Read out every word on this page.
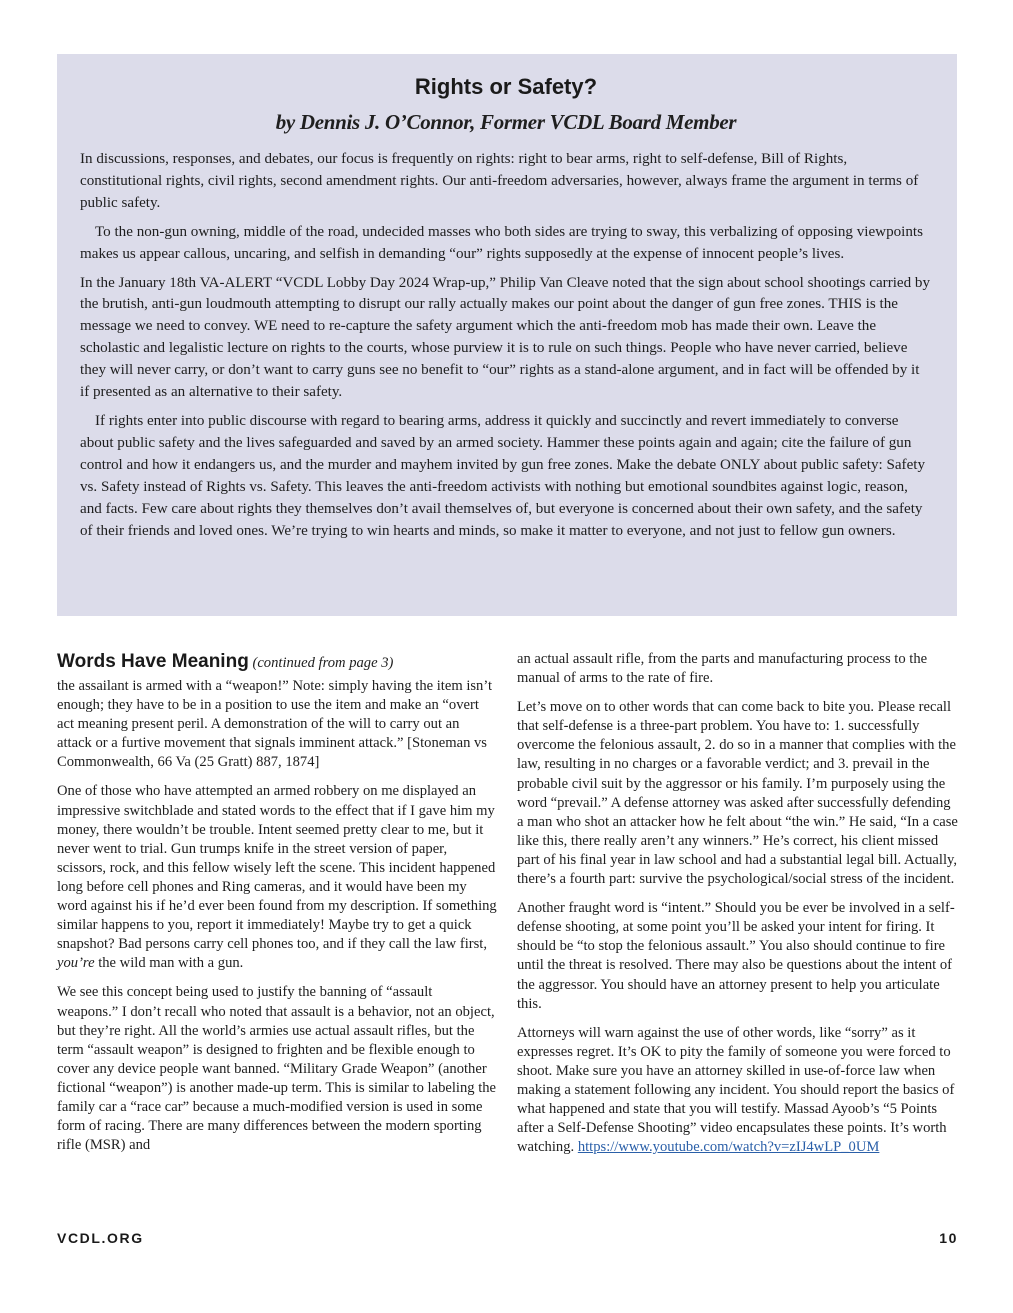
Rights or Safety?
by Dennis J. O’Connor, Former VCDL Board Member

In discussions, responses, and debates, our focus is frequently on rights: right to bear arms, right to self-defense, Bill of Rights, constitutional rights, civil rights, second amendment rights. Our anti-freedom adversaries, however, always frame the argument in terms of public safety.

To the non-gun owning, middle of the road, undecided masses who both sides are trying to sway, this verbalizing of opposing viewpoints makes us appear callous, uncaring, and selfish in demanding “our” rights supposedly at the expense of innocent people’s lives.

In the January 18th VA-ALERT “VCDL Lobby Day 2024 Wrap-up,” Philip Van Cleave noted that the sign about school shootings carried by the brutish, anti-gun loudmouth attempting to disrupt our rally actually makes our point about the danger of gun free zones. THIS is the message we need to convey. WE need to re-capture the safety argument which the anti-freedom mob has made their own. Leave the scholastic and legalistic lecture on rights to the courts, whose purview it is to rule on such things. People who have never carried, believe they will never carry, or don’t want to carry guns see no benefit to “our” rights as a stand-alone argument, and in fact will be offended by it if presented as an alternative to their safety.

If rights enter into public discourse with regard to bearing arms, address it quickly and succinctly and revert immediately to converse about public safety and the lives safeguarded and saved by an armed society. Hammer these points again and again; cite the failure of gun control and how it endangers us, and the murder and mayhem invited by gun free zones. Make the debate ONLY about public safety: Safety vs. Safety instead of Rights vs. Safety. This leaves the anti-freedom activists with nothing but emotional soundbites against logic, reason, and facts. Few care about rights they themselves don’t avail themselves of, but everyone is concerned about their own safety, and the safety of their friends and loved ones. We’re trying to win hearts and minds, so make it matter to everyone, and not just to fellow gun owners.

Words Have Meaning (continued from page 3)

the assailant is armed with a “weapon!” Note: simply having the item isn’t enough; they have to be in a position to use the item and make an “overt act meaning present peril. A demonstration of the will to carry out an attack or a furtive movement that signals imminent attack.” [Stoneman vs Commonwealth, 66 Va (25 Gratt) 887, 1874]

One of those who have attempted an armed robbery on me displayed an impressive switchblade and stated words to the effect that if I gave him my money, there wouldn’t be trouble. Intent seemed pretty clear to me, but it never went to trial. Gun trumps knife in the street version of paper, scissors, rock, and this fellow wisely left the scene. This incident happened long before cell phones and Ring cameras, and it would have been my word against his if he’d ever been found from my description. If something similar happens to you, report it immediately! Maybe try to get a quick snapshot? Bad persons carry cell phones too, and if they call the law first, you’re the wild man with a gun.

We see this concept being used to justify the banning of “assault weapons.” I don’t recall who noted that assault is a behavior, not an object, but they’re right. All the world’s armies use actual assault rifles, but the term “assault weapon” is designed to frighten and be flexible enough to cover any device people want banned. “Military Grade Weapon” (another fictional “weapon”) is another made-up term. This is similar to labeling the family car a “race car” because a much-modified version is used in some form of racing. There are many differences between the modern sporting rifle (MSR) and

an actual assault rifle, from the parts and manufacturing process to the manual of arms to the rate of fire.

Let’s move on to other words that can come back to bite you. Please recall that self-defense is a three-part problem. You have to: 1. successfully overcome the felonious assault, 2. do so in a manner that complies with the law, resulting in no charges or a favorable verdict; and 3. prevail in the probable civil suit by the aggressor or his family. I’m purposely using the word “prevail.” A defense attorney was asked after successfully defending a man who shot an attacker how he felt about “the win.” He said, “In a case like this, there really aren’t any winners.” He’s correct, his client missed part of his final year in law school and had a substantial legal bill. Actually, there’s a fourth part: survive the psychological/social stress of the incident.

Another fraught word is “intent.” Should you be ever be involved in a self-defense shooting, at some point you’ll be asked your intent for firing. It should be “to stop the felonious assault.” You also should continue to fire until the threat is resolved. There may also be questions about the intent of the aggressor. You should have an attorney present to help you articulate this.

Attorneys will warn against the use of other words, like “sorry” as it expresses regret. It’s OK to pity the family of someone you were forced to shoot. Make sure you have an attorney skilled in use-of-force law when making a statement following any incident. You should report the basics of what happened and state that you will testify. Massad Ayoob’s “5 Points after a Self-Defense Shooting” video encapsulates these points. It’s worth watching. https://www.youtube.com/watch?v=zIJ4wLP_0UM

VCDL.ORG	10
